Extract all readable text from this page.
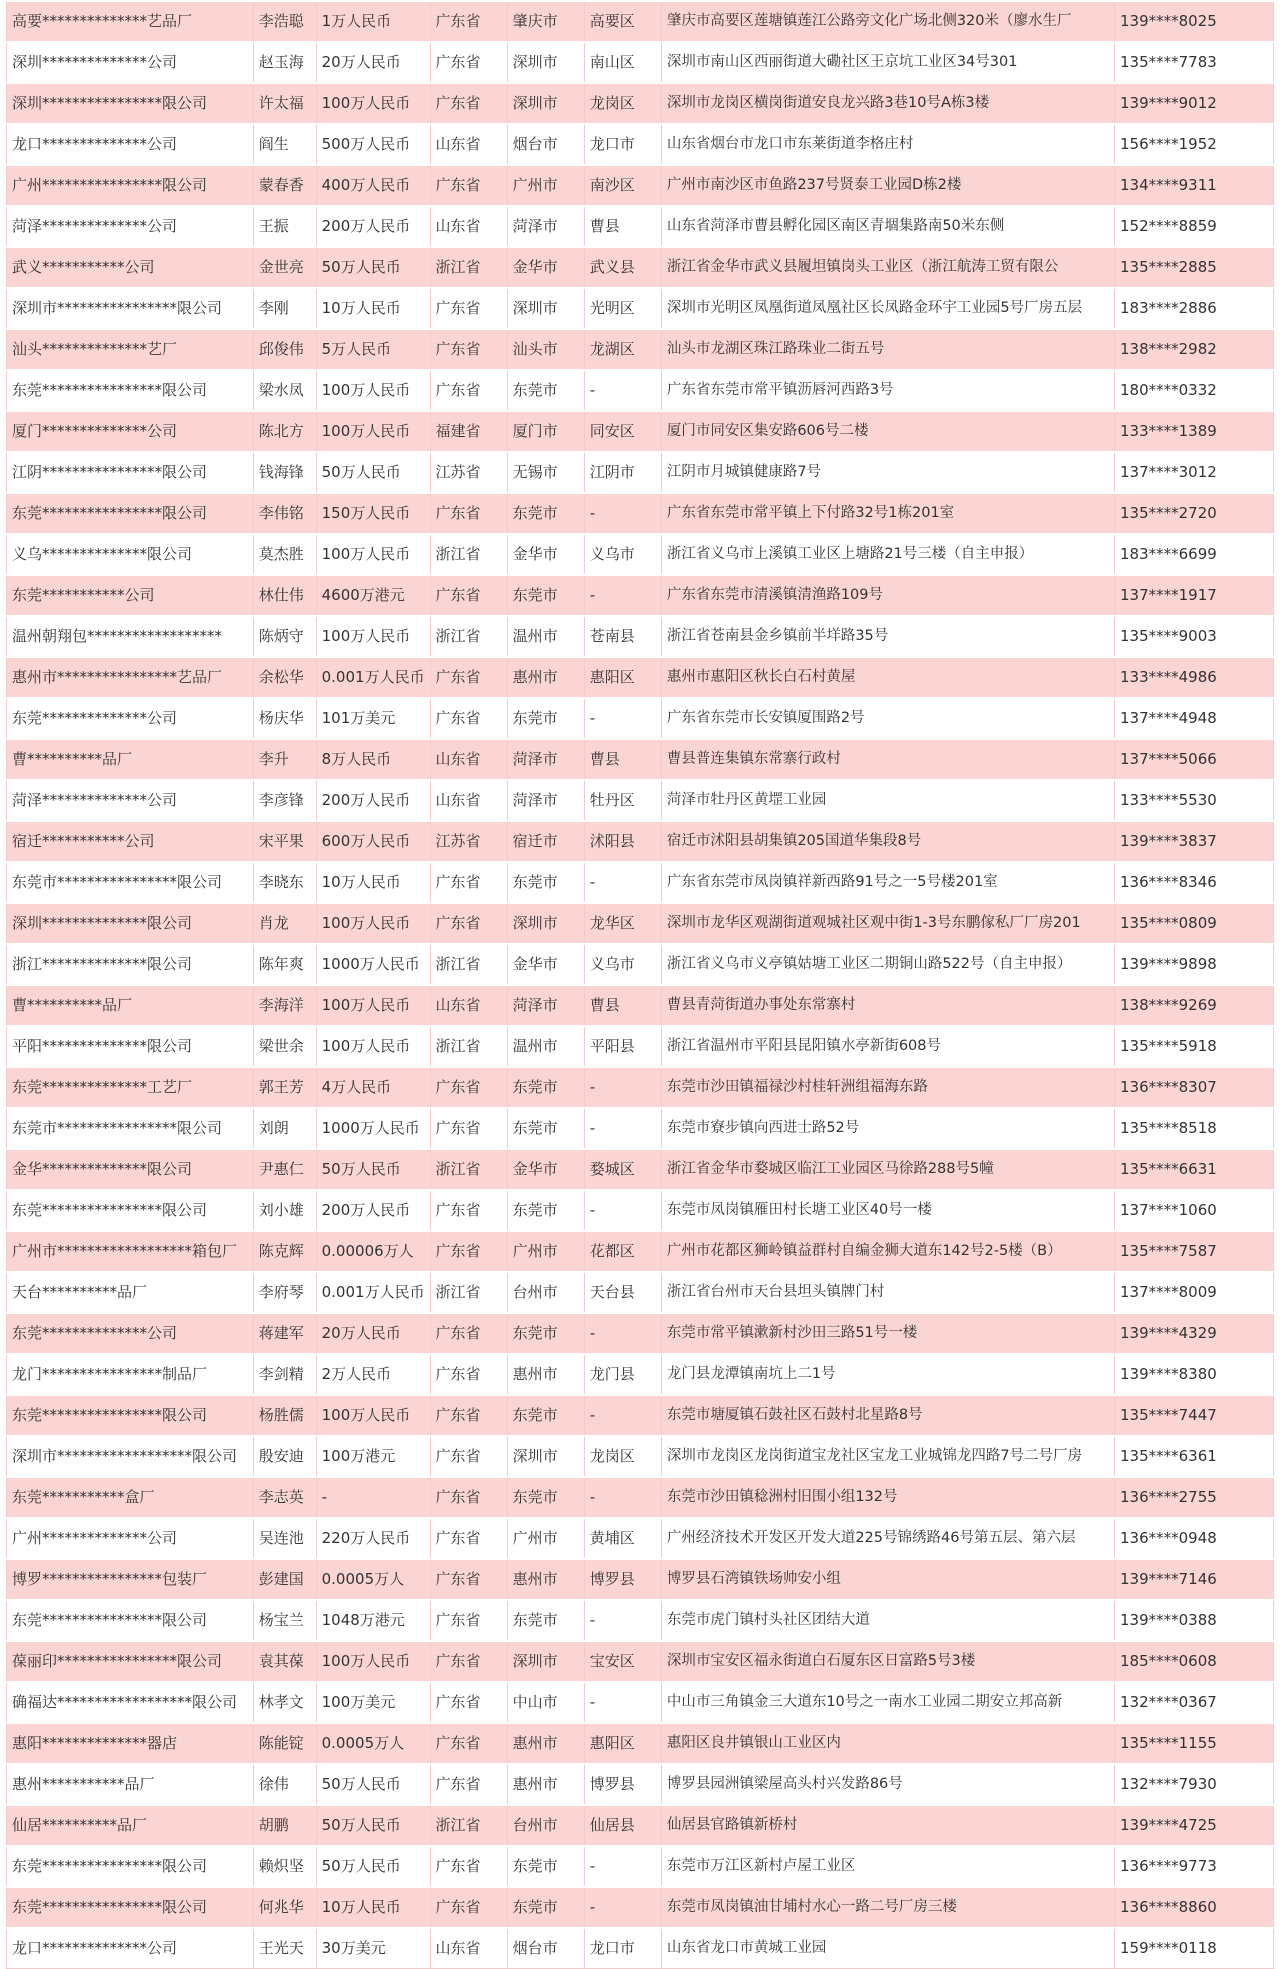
高要**************艺品厂	李浩聪	1万人民币	广东省	肇庆市	高要区	肇庆市高要区莲塘镇莲江公路旁文化广场北侧320米（廖水生厂	139****8025
深圳**************公司	赵玉海	20万人民币	广东省	深圳市	南山区	深圳市南山区西丽街道大磡社区王京坑工业区34号301	135****7783
深圳****************限公司	许太福	100万人民币	广东省	深圳市	龙岗区	深圳市龙岗区横岗街道安良龙兴路3巷10号A栋3楼	139****9012
龙口**************公司	阎生	500万人民币	山东省	烟台市	龙口市	山东省烟台市龙口市东莱街道李格庄村	156****1952
广州****************限公司	蒙春香	400万人民币	广东省	广州市	南沙区	广州市南沙区市鱼路237号贤泰工业园D栋2楼	134****9311
菏泽**************公司	王振	200万人民币	山东省	菏泽市	曹县	山东省菏泽市曹县孵化园区南区青堌集路南50米东侧	152****8859
武义***********公司	金世亮	50万人民币	浙江省	金华市	武义县	浙江省金华市武义县履坦镇岗头工业区（浙江航涛工贸有限公	135****2885
深圳市****************限公司	李刚	10万人民币	广东省	深圳市	光明区	深圳市光明区凤凰街道凤凰社区长凤路金环宇工业园5号厂房五层	183****2886
汕头**************艺厂	邱俊伟	5万人民币	广东省	汕头市	龙湖区	汕头市龙湖区珠江路珠业二街五号	138****2982
东莞****************限公司	梁水凤	100万人民币	广东省	东莞市	-	广东省东莞市常平镇沥唇河西路3号	180****0332
厦门**************公司	陈北方	100万人民币	福建省	厦门市	同安区	厦门市同安区集安路606号二楼	133****1389
江阴****************限公司	钱海锋	50万人民币	江苏省	无锡市	江阴市	江阴市月城镇健康路7号	137****3012
东莞****************限公司	李伟铭	150万人民币	广东省	东莞市	-	广东省东莞市常平镇上下付路32号1栋201室	135****2720
义乌**************限公司	莫杰胜	100万人民币	浙江省	金华市	义乌市	浙江省义乌市上溪镇工业区上塘路21号三楼（自主申报）	183****6699
东莞***********公司	林仕伟	4600万港元	广东省	东莞市	-	广东省东莞市清溪镇清渔路109号	137****1917
温州朝翔包******************	陈炳守	100万人民币	浙江省	温州市	苍南县	浙江省苍南县金乡镇前半垟路35号	135****9003
惠州市****************艺品厂	余松华	0.001万人民币	广东省	惠州市	惠阳区	惠州市惠阳区秋长白石村黄屋	133****4986
东莞**************公司	杨庆华	101万美元	广东省	东莞市	-	广东省东莞市长安镇厦围路2号	137****4948
曹**********品厂	李升	8万人民币	山东省	菏泽市	曹县	曹县普连集镇东常寨行政村	137****5066
菏泽**************公司	李彦锋	200万人民币	山东省	菏泽市	牡丹区	菏泽市牡丹区黄堽工业园	133****5530
宿迁***********公司	宋平果	600万人民币	江苏省	宿迁市	沭阳县	宿迁市沭阳县胡集镇205国道华集段8号	139****3837
东莞市****************限公司	李晓东	10万人民币	广东省	东莞市	-	广东省东莞市凤岗镇祥新西路91号之一5号楼201室	136****8346
深圳**************限公司	肖龙	100万人民币	广东省	深圳市	龙华区	深圳市龙华区观湖街道观城社区观中街1-3号东鹏傢私厂厂房201	135****0809
浙江**************限公司	陈年爽	1000万人民币	浙江省	金华市	义乌市	浙江省义乌市义亭镇姑塘工业区二期铜山路522号（自主申报）	139****9898
曹**********品厂	李海洋	100万人民币	山东省	菏泽市	曹县	曹县青菏街道办事处东常寨村	138****9269
平阳**************限公司	梁世余	100万人民币	浙江省	温州市	平阳县	浙江省温州市平阳县昆阳镇水亭新街608号	135****5918
东莞**************工艺厂	郭王芳	4万人民币	广东省	东莞市	-	东莞市沙田镇福禄沙村桂轩洲组福海东路	136****8307
东莞市****************限公司	刘朗	1000万人民币	广东省	东莞市	-	东莞市寮步镇向西进士路52号	135****8518
金华**************限公司	尹惠仁	50万人民币	浙江省	金华市	婺城区	浙江省金华市婺城区临江工业园区马徐路288号5幢	135****6631
东莞****************限公司	刘小雄	200万人民币	广东省	东莞市	-	东莞市凤岗镇雁田村长塘工业区40号一楼	137****1060
广州市******************箱包厂	陈克辉	0.00006万人	广东省	广州市	花都区	广州市花都区狮岭镇益群村自编金狮大道东142号2-5楼（B）	135****7587
天台**********品厂	李府琴	0.001万人民币	浙江省	台州市	天台县	浙江省台州市天台县坦头镇牌门村	137****8009
东莞**************公司	蒋建军	20万人民币	广东省	东莞市	-	东莞市常平镇漱新村沙田三路51号一楼	139****4329
龙门****************制品厂	李剑精	2万人民币	广东省	惠州市	龙门县	龙门县龙潭镇南坑上二1号	139****8380
东莞****************限公司	杨胜儒	100万人民币	广东省	东莞市	-	东莞市塘厦镇石鼓社区石鼓村北星路8号	135****7447
深圳市******************限公司	殷安迪	100万港元	广东省	深圳市	龙岗区	深圳市龙岗区龙岗街道宝龙社区宝龙工业城锦龙四路7号二号厂房	135****6361
东莞***********盒厂	李志英	-	广东省	东莞市	-	东莞市沙田镇稔洲村旧围小组132号	136****2755
广州**************公司	吴连池	220万人民币	广东省	广州市	黄埔区	广州经济技术开发区开发大道225号锦绣路46号第五层、第六层	136****0948
博罗****************包装厂	彭建国	0.0005万人	广东省	惠州市	博罗县	博罗县石湾镇铁场帅安小组	139****7146
东莞****************限公司	杨宝兰	1048万港元	广东省	东莞市	-	东莞市虎门镇村头社区团结大道	139****0388
葆丽印****************限公司	袁其葆	100万人民币	广东省	深圳市	宝安区	深圳市宝安区福永街道白石厦东区日富路5号3楼	185****0608
确福达******************限公司	林孝文	100万美元	广东省	中山市	-	中山市三角镇金三大道东10号之一南水工业园二期安立邦高新	132****0367
惠阳**************器店	陈能锭	0.0005万人	广东省	惠州市	惠阳区	惠阳区良井镇银山工业区内	135****1155
惠州***********品厂	徐伟	50万人民币	广东省	惠州市	博罗县	博罗县园洲镇梁屋高头村兴发路86号	132****7930
仙居**********品厂	胡鹏	50万人民币	浙江省	台州市	仙居县	仙居县官路镇新桥村	139****4725
东莞****************限公司	赖炽坚	50万人民币	广东省	东莞市	-	东莞市万江区新村卢屋工业区	136****9773
东莞****************限公司	何兆华	10万人民币	广东省	东莞市	-	东莞市凤岗镇油甘埔村水心一路二号厂房三楼	136****8860
龙口**************公司	王光天	30万美元	山东省	烟台市	龙口市	山东省龙口市黄城工业园	159****0118
